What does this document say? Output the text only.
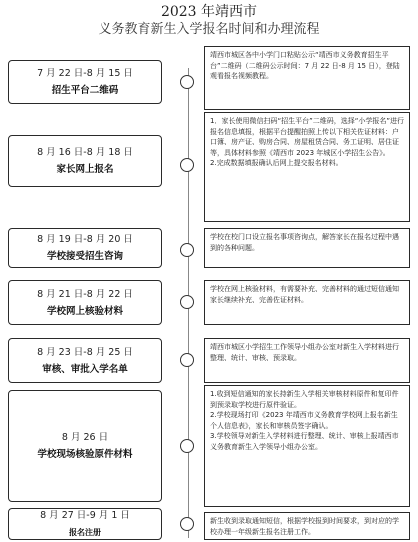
2023 年靖西市
义务教育新生入学报名时间和办理流程
7 月 22 日-8 月 15 日
招生平台二维码

靖西市城区各中小学门口粘贴公示“靖西市义务教育招生平台”二维码（二维码公示时间：7 月 22 日-8 月 15 日），登陆观看报名视频教程。

8 月 16 日-8 月 18 日
家长网上报名

1．家长使用微信扫码“招生平台”二维码，选择“小学报名”进行报名信息填报，根据平台提醒拍照上传以下相关佐证材料：户口簿、房产证、购房合同、房屋租赁合同、务工证明、居住证等，具体材料参照《靖西市 2023 年城区小学招生公告》。

2.完成数据填报确认后网上提交报名材料。

8 月 19 日-8 月 20 日
学校接受招生咨询

学校在校门口设立报名事项咨询点，解答家长在报名过程中遇到的各种问题。

8 月 21 日-8 月 22 日
学校网上核验材料

学校在网上核验材料，有需要补充、完善材料的通过短信通知家长继续补充、完善佐证材料。

8 月 23 日-8 月 25 日
审核、审批入学名单

靖西市城区小学招生工作领导小组办公室对新生入学材料进行整理、统计、审核、预录取。

8 月 26 日
学校现场核验原件材料

1.收到短信通知的家长持新生入学相关审核材料原件和复印件到预录取学校进行原件验证。

2.学校现场打印《2023 年靖西市义务教育学校网上报名新生个人信息表》，家长和审核员签字确认。

3.学校领导对新生入学材料进行整理、统计、审核上报靖西市义务教育新生入学领导小组办公室。

8 月 27 日-9 月 1 日
报名注册

新生收到录取通知短信，根据学校报到时间要求，到对应的学校办理一年级新生报名注册工作。
